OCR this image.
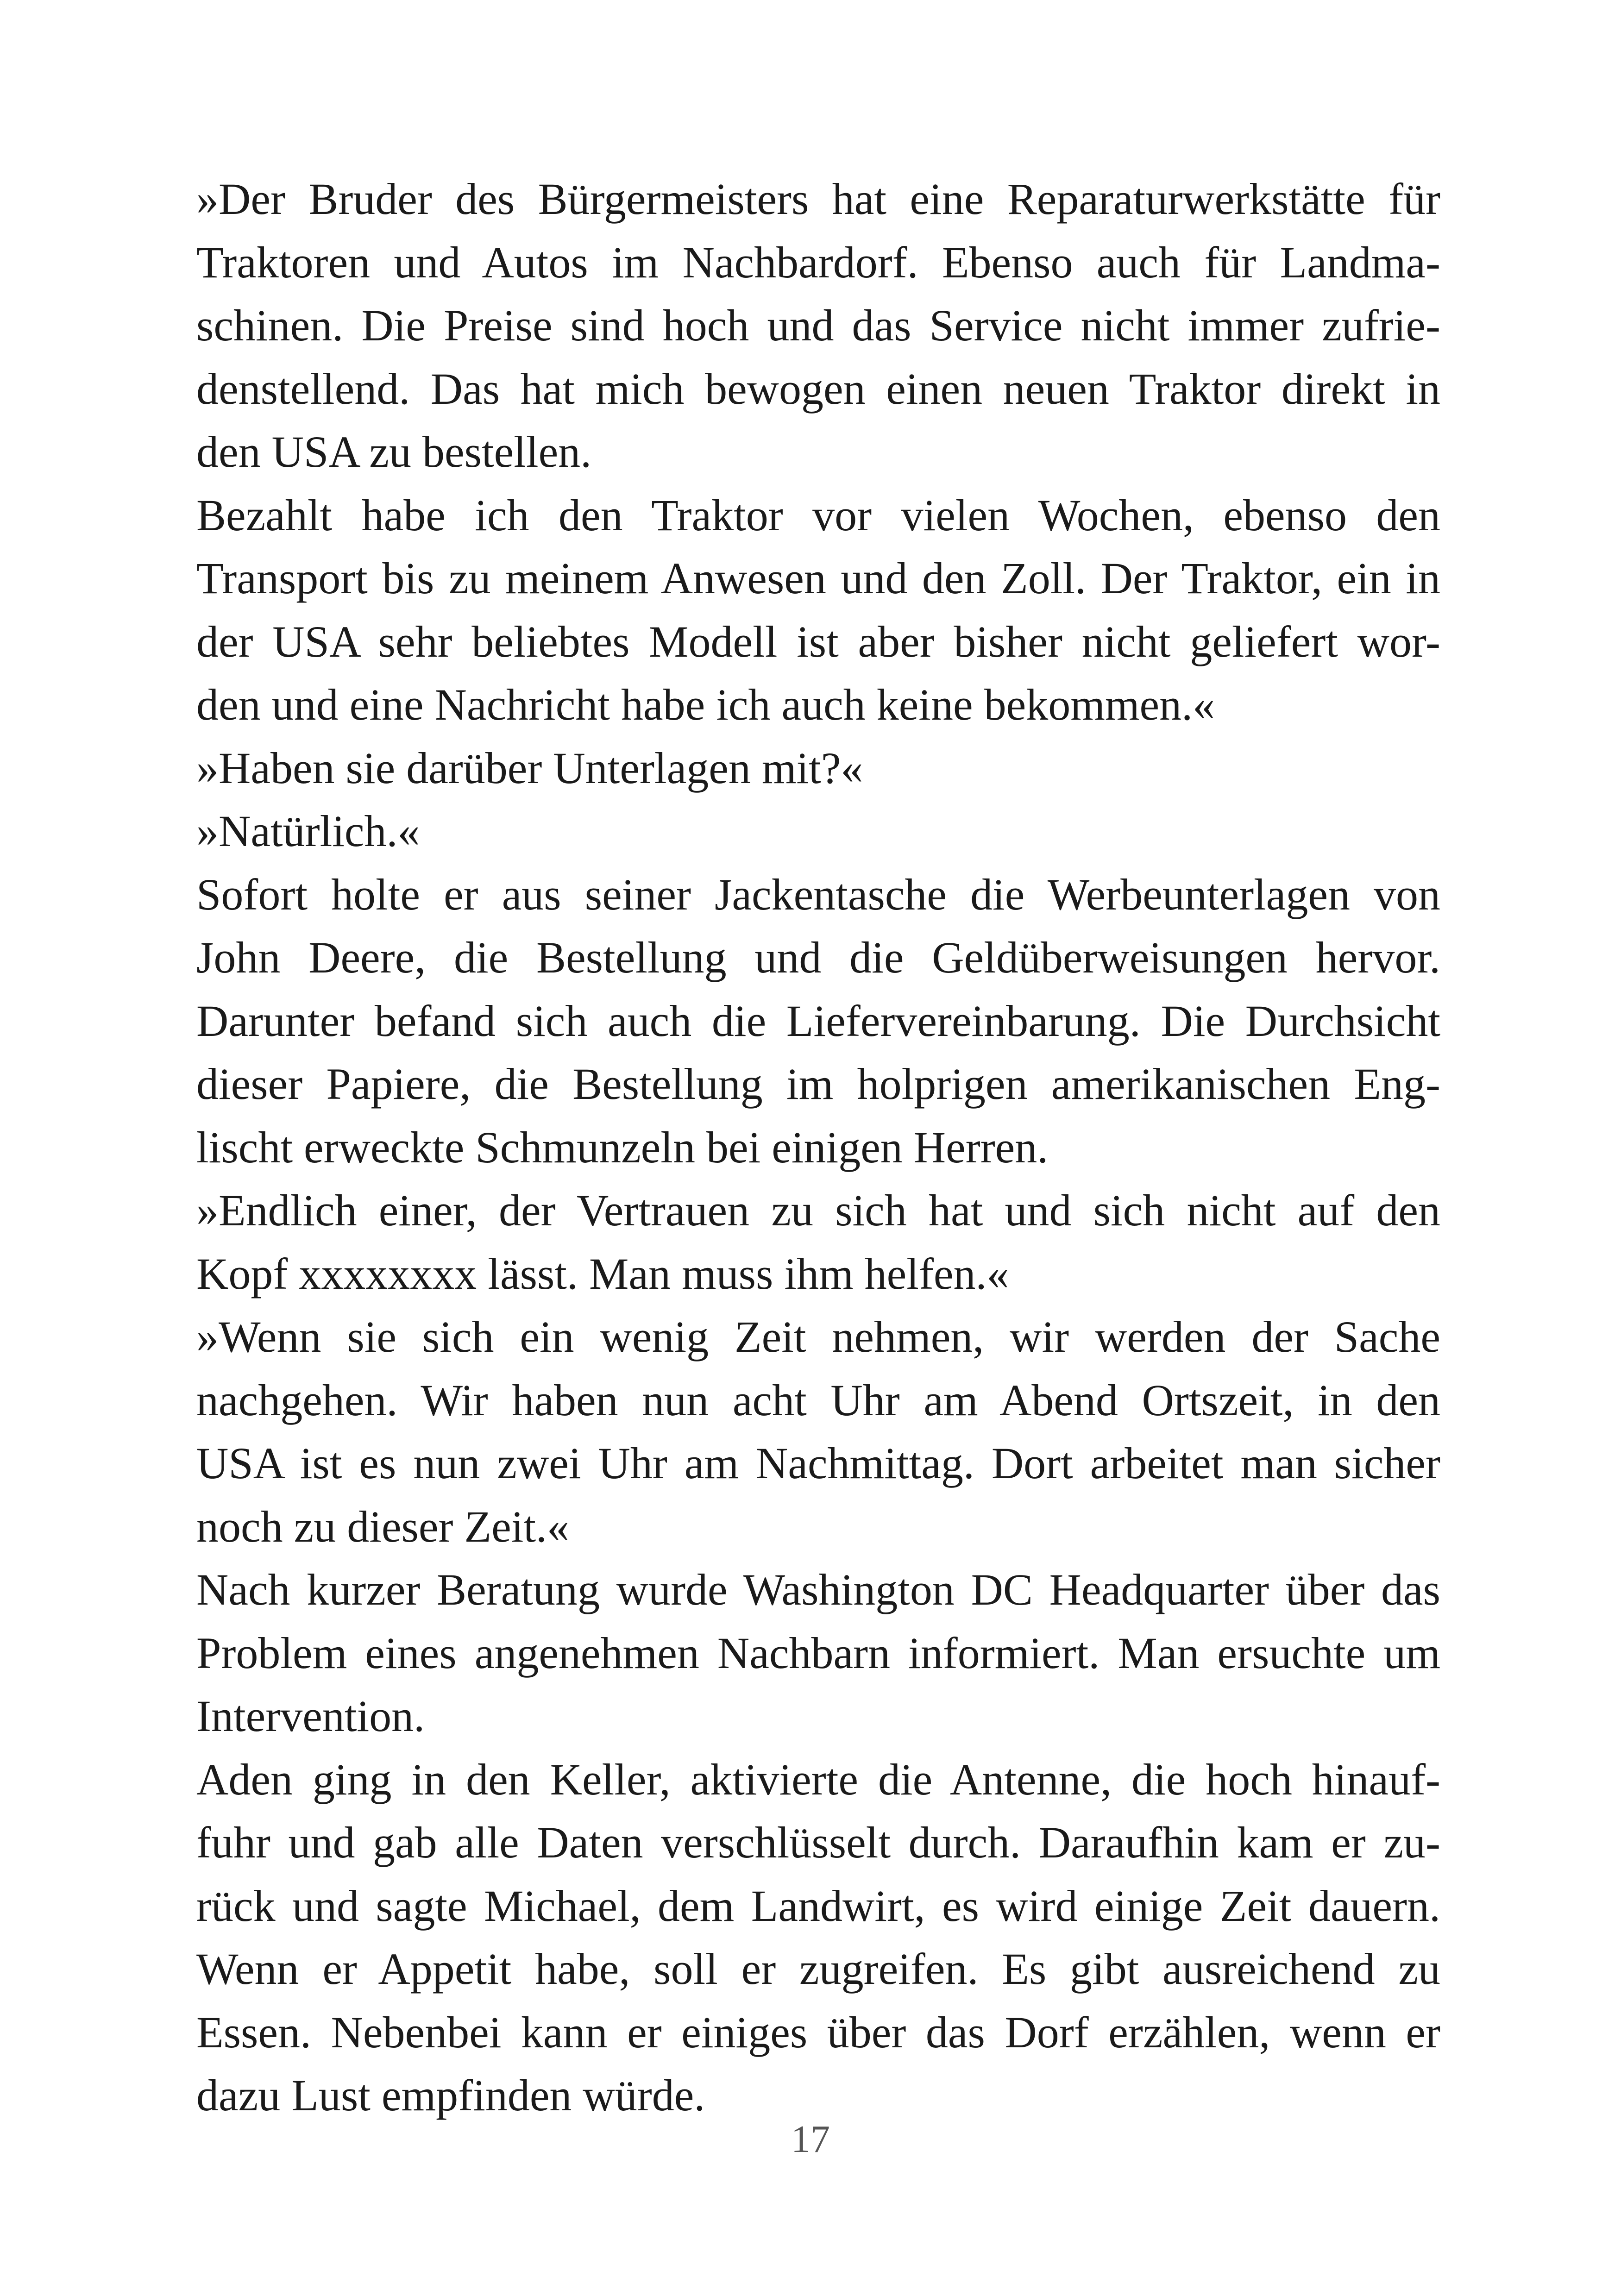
»Der Bruder des Bürgermeisters hat eine Reparaturwerkstätte für
Traktoren und Autos im Nachbardorf. Ebenso auch für Landma-
schinen. Die Preise sind hoch und das Service nicht immer zufrie-
denstellend. Das hat mich bewogen einen neuen Traktor direkt in
den USA zu bestellen.
Bezahlt habe ich den Traktor vor vielen Wochen, ebenso den
Transport bis zu meinem Anwesen und den Zoll. Der Traktor, ein in
der USA sehr beliebtes Modell ist aber bisher nicht geliefert wor-
den und eine Nachricht habe ich auch keine bekommen.«
»Haben sie darüber Unterlagen mit?«
»Natürlich.«
Sofort holte er aus seiner Jackentasche die Werbeunterlagen von
John Deere, die Bestellung und die Geldüberweisungen hervor.
Darunter befand sich auch die Liefervereinbarung. Die Durchsicht
dieser Papiere, die Bestellung im holprigen amerikanischen Eng-
lischt erweckte Schmunzeln bei einigen Herren.
»Endlich einer, der Vertrauen zu sich hat und sich nicht auf den
Kopf xxxxxxxx lässt. Man muss ihm helfen.«
»Wenn sie sich ein wenig Zeit nehmen, wir werden der Sache
nachgehen. Wir haben nun acht Uhr am Abend Ortszeit, in den
USA ist es nun zwei Uhr am Nachmittag. Dort arbeitet man sicher
noch zu dieser Zeit.«
Nach kurzer Beratung wurde Washington DC Headquarter über das
Problem eines angenehmen Nachbarn informiert. Man ersuchte um
Intervention.
Aden ging in den Keller, aktivierte die Antenne, die hoch hinauf-
fuhr und gab alle Daten verschlüsselt durch. Daraufhin kam er zu-
rück und sagte Michael, dem Landwirt, es wird einige Zeit dauern.
Wenn er Appetit habe, soll er zugreifen. Es gibt ausreichend zu
Essen. Nebenbei kann er einiges über das Dorf erzählen, wenn er
dazu Lust empfinden würde.
17
